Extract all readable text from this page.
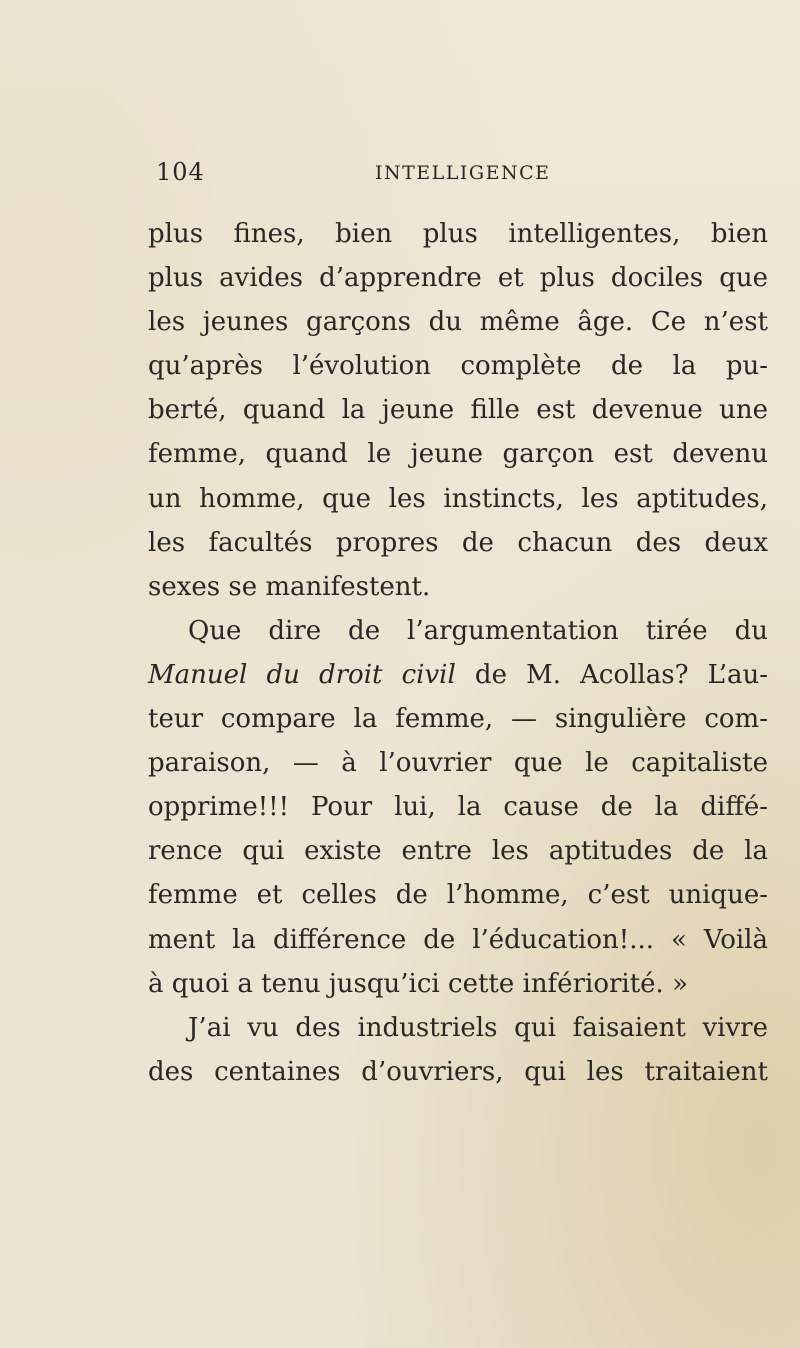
104	INTELLIGENCE
plus fines, bien plus intelligentes, bien
plus avides d’apprendre et plus dociles que
les jeunes garçons du même âge. Ce n’est
qu’après l’évolution complète de la pu-
berté, quand la jeune fille est devenue une
femme, quand le jeune garçon est devenu
un homme, que les instincts, les aptitudes,
les facultés propres de chacun des deux
sexes se manifestent.
Que dire de l’argumentation tirée du
Manuel du droit civil de M. Acollas? L’au-
teur compare la femme, — singulière com-
paraison, — à l’ouvrier que le capitaliste
opprime!!! Pour lui, la cause de la diffé-
rence qui existe entre les aptitudes de la
femme et celles de l’homme, c’est unique-
ment la différence de l’éducation!... « Voilà
à quoi a tenu jusqu’ici cette infériorité. »
J’ai vu des industriels qui faisaient vivre
des centaines d’ouvriers, qui les traitaient
